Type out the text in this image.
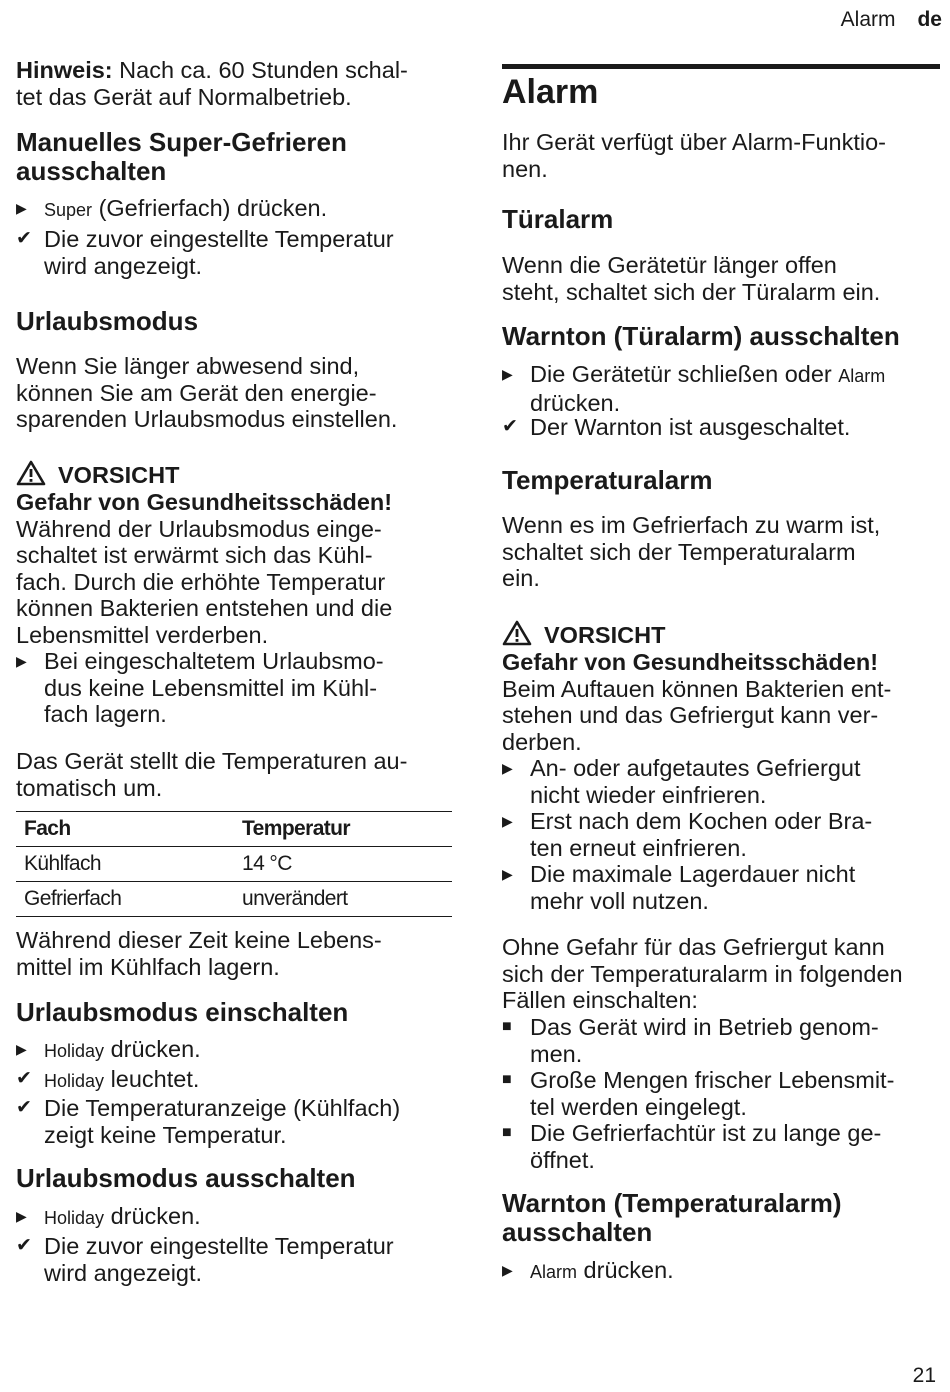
Alarm de
Hinweis: Nach ca. 60 Stunden schal-
tet das Gerät auf Normalbetrieb.
Manuelles Super-Gefrieren
ausschalten
▶ Super (Gefrierfach) drücken.
✔ Die zuvor eingestellte Temperatur
wird angezeigt.
Urlaubsmodus
Wenn Sie länger abwesend sind,
können Sie am Gerät den energie-
sparenden Urlaubsmodus einstellen.
VORSICHT
Gefahr von Gesundheitsschäden!
Während der Urlaubsmodus einge-
schaltet ist erwärmt sich das Kühl-
fach. Durch die erhöhte Temperatur
können Bakterien entstehen und die
Lebensmittel verderben.
▶ Bei eingeschaltetem Urlaubsmo-
dus keine Lebensmittel im Kühl-
fach lagern.
Das Gerät stellt die Temperaturen au-
tomatisch um.
Fach	Temperatur
Kühlfach	14 °C
Gefrierfach	unverändert
Während dieser Zeit keine Lebens-
mittel im Kühlfach lagern.
Urlaubsmodus einschalten
▶ Holiday drücken.
✔ Holiday leuchtet.
✔ Die Temperaturanzeige (Kühlfach)
zeigt keine Temperatur.
Urlaubsmodus ausschalten
▶ Holiday drücken.
✔ Die zuvor eingestellte Temperatur
wird angezeigt.
Alarm
Ihr Gerät verfügt über Alarm-Funktio-
nen.
Türalarm
Wenn die Gerätetür länger offen
steht, schaltet sich der Türalarm ein.
Warnton (Türalarm) ausschalten
▶ Die Gerätetür schließen oder Alarm
drücken.
✔ Der Warnton ist ausgeschaltet.
Temperaturalarm
Wenn es im Gefrierfach zu warm ist,
schaltet sich der Temperaturalarm
ein.
VORSICHT
Gefahr von Gesundheitsschäden!
Beim Auftauen können Bakterien ent-
stehen und das Gefriergut kann ver-
derben.
▶ An- oder aufgetautes Gefriergut
nicht wieder einfrieren.
▶ Erst nach dem Kochen oder Bra-
ten erneut einfrieren.
▶ Die maximale Lagerdauer nicht
mehr voll nutzen.
Ohne Gefahr für das Gefriergut kann
sich der Temperaturalarm in folgenden
Fällen einschalten:
■ Das Gerät wird in Betrieb genom-
men.
■ Große Mengen frischer Lebensmit-
tel werden eingelegt.
■ Die Gefrierfachtür ist zu lange ge-
öffnet.
Warnton (Temperaturalarm)
ausschalten
▶ Alarm drücken.
21
